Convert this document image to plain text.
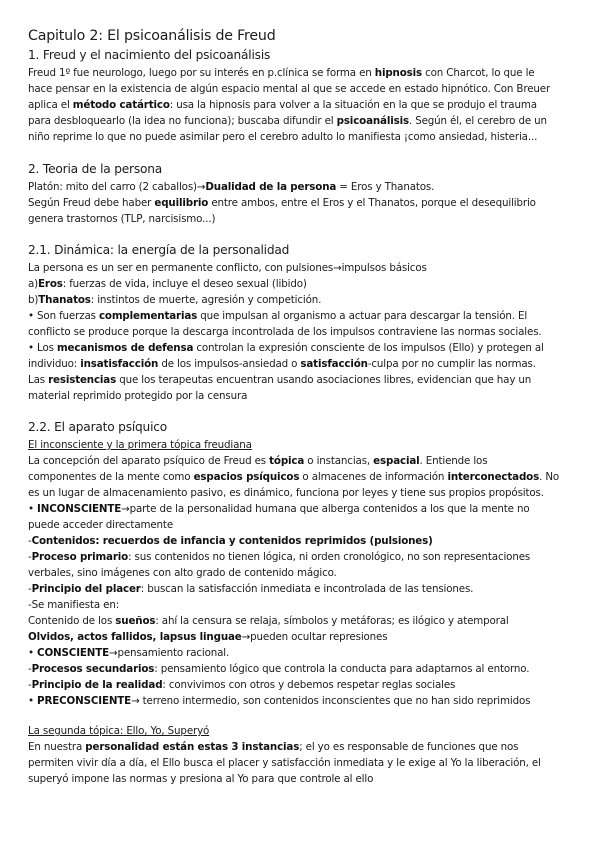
Capitulo 2: El psicoanálisis de Freud
1. Freud y el nacimiento del psicoanálisis
Freud 1º fue neurologo, luego por su interés en p.clínica se forma en hipnosis con Charcot, lo que le
hace pensar en la existencia de algún espacio mental al que se accede en estado hipnótico. Con Breuer
aplica el método catártico: usa la hipnosis para volver a la situación en la que se produjo el trauma
para desbloquearlo (la idea no funciona); buscaba difundir el psicoanálisis. Según él, el cerebro de un
niño reprime lo que no puede asimilar pero el cerebro adulto lo manifiesta ¡como ansiedad, histeria...
2. Teoria de la persona
Platón: mito del carro (2 caballos)→Dualidad de la persona = Eros y Thanatos.
Según Freud debe haber equilibrio entre ambos, entre el Eros y el Thanatos, porque el desequilibrio
genera trastornos (TLP, narcisismo...)
2.1. Dinámica: la energía de la personalidad
La persona es un ser en permanente conflicto, con pulsiones→impulsos básicos
a)Eros: fuerzas de vida, incluye el deseo sexual (libido)
b)Thanatos: instintos de muerte, agresión y competición.
• Son fuerzas complementarias que impulsan al organismo a actuar para descargar la tensión. El
conflicto se produce porque la descarga incontrolada de los impulsos contraviene las normas sociales.
• Los mecanismos de defensa controlan la expresión consciente de los impulsos (Ello) y protegen al
individuo: insatisfacción de los impulsos-ansiedad o satisfacción-culpa por no cumplir las normas.
Las resistencias que los terapeutas encuentran usando asociaciones libres, evidencian que hay un
material reprimido protegido por la censura
2.2. El aparato psíquico
El inconsciente y la primera tópica freudiana
La concepción del aparato psíquico de Freud es tópica o instancias, espacial. Entiende los
componentes de la mente como espacios psíquicos o almacenes de información interconectados. No
es un lugar de almacenamiento pasivo, es dinámico, funciona por leyes y tiene sus propios propósitos.
• INCONSCIENTE→parte de la personalidad humana que alberga contenidos a los que la mente no
puede acceder directamente
-Contenidos: recuerdos de infancia y contenidos reprimidos (pulsiones)
-Proceso primario: sus contenidos no tienen lógica, ni orden cronológico, no son representaciones
verbales, sino imágenes con alto grado de contenido mágico.
-Principio del placer: buscan la satisfacción inmediata e incontrolada de las tensiones.
-Se manifiesta en:
Contenido de los sueños: ahí la censura se relaja, símbolos y metáforas; es ilógico y atemporal
Olvidos, actos fallidos, lapsus linguae→pueden ocultar represiones
• CONSCIENTE→pensamiento racional.
-Procesos secundarios: pensamiento lógico que controla la conducta para adaptarnos al entorno.
-Principio de la realidad: convivimos con otros y debemos respetar reglas sociales
• PRECONSCIENTE→ terreno intermedio, son contenidos inconscientes que no han sido reprimidos
La segunda tópica: Ello, Yo, Superyó
En nuestra personalidad están estas 3 instancias; el yo es responsable de funciones que nos
permiten vivir día a día, el Ello busca el placer y satisfacción inmediata y le exige al Yo la liberación, el
superyó impone las normas y presiona al Yo para que controle al ello
